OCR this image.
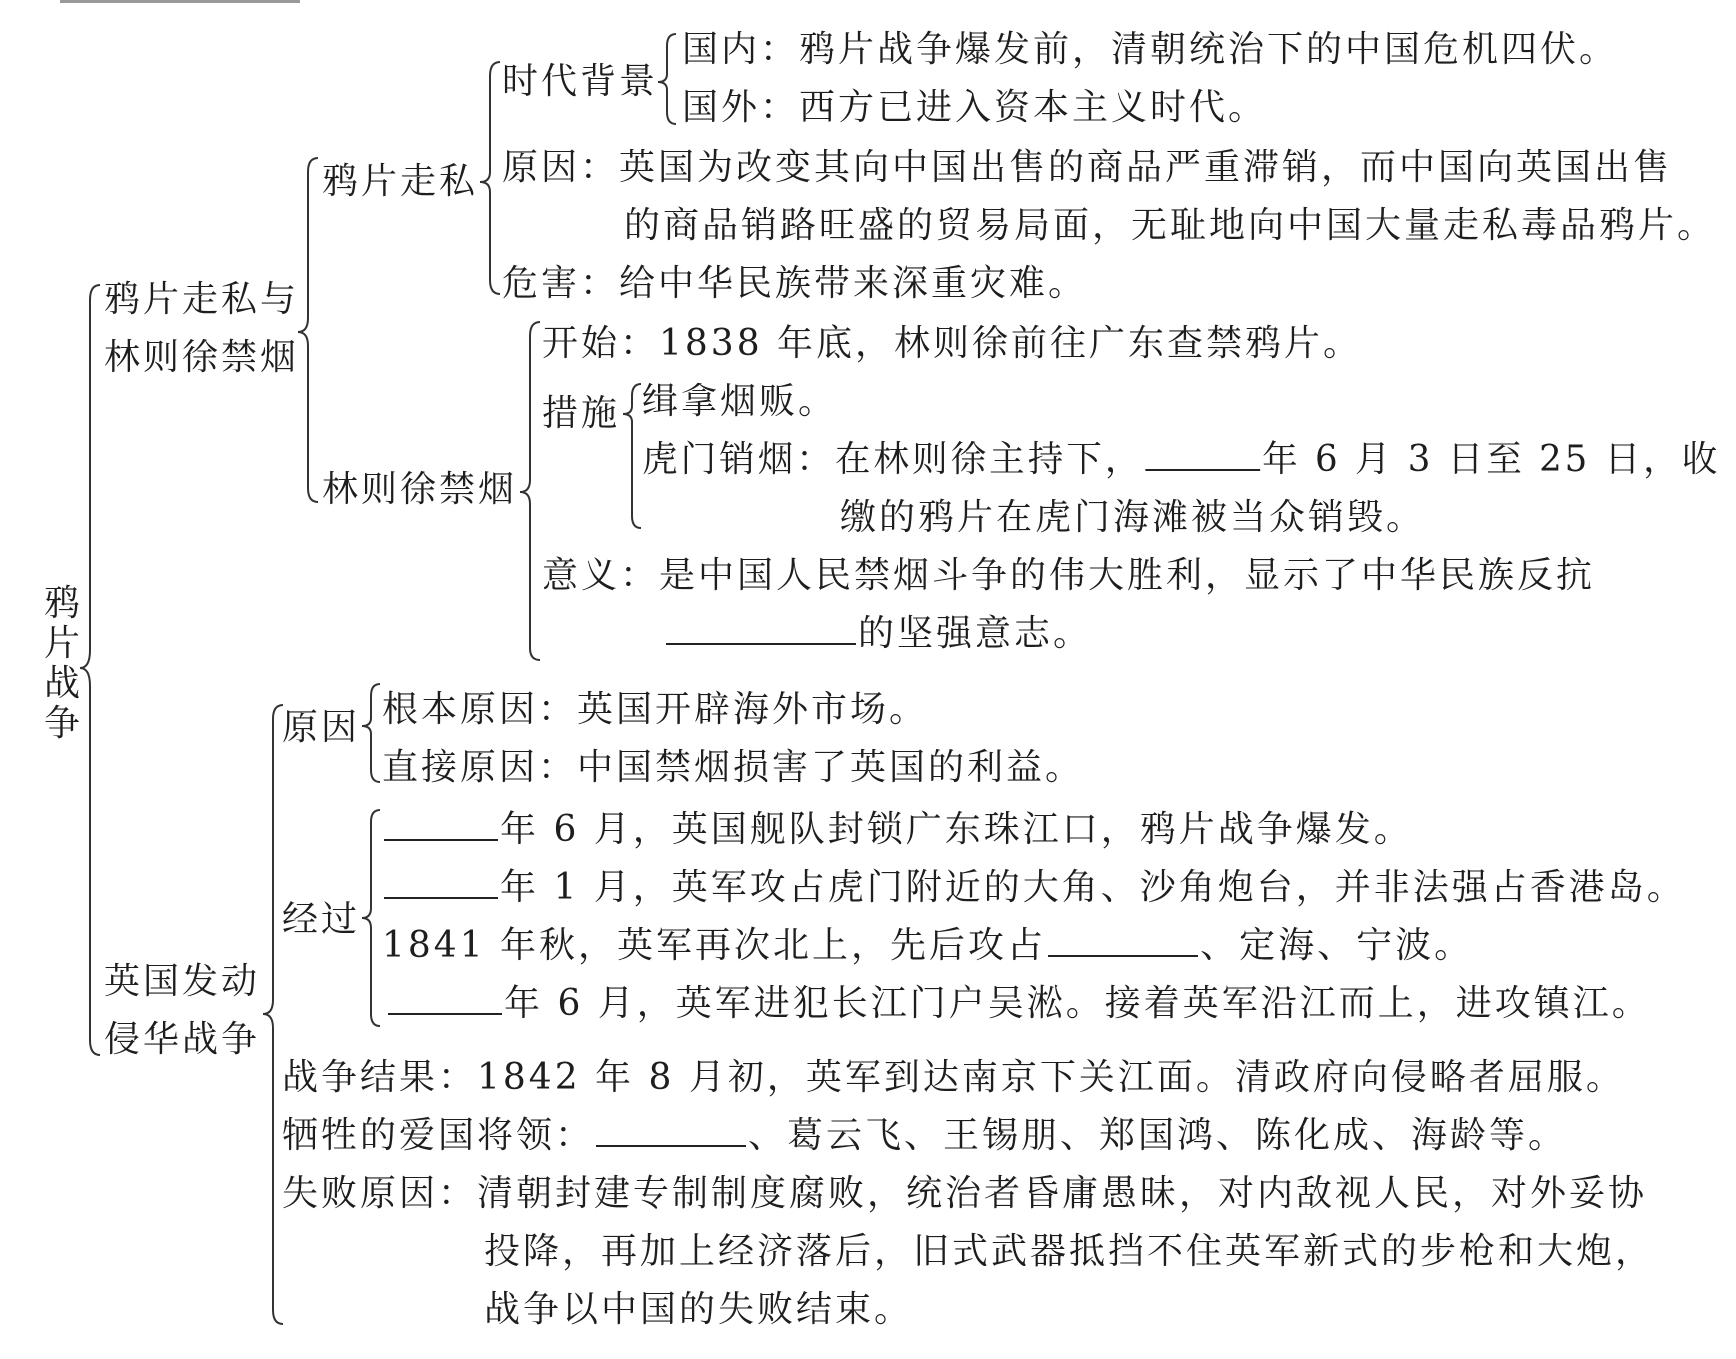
鸦
片
战
争
鸦片走私与
林则徐禁烟
鸦片走私
时代背景
国内：鸦片战争爆发前，清朝统治下的中国危机四伏。
国外：西方已进入资本主义时代。
原因：英国为改变其向中国出售的商品严重滞销，而中国向英国出售
的商品销路旺盛的贸易局面，无耻地向中国大量走私毒品鸦片。
危害：给中华民族带来深重灾难。
林则徐禁烟
开始：1838 年底，林则徐前往广东查禁鸦片。
措施 缉拿烟贩。
虎门销烟：在林则徐主持下，	年 6 月 3 日至 25 日，收
缴的鸦片在虎门海滩被当众销毁。
意义：是中国人民禁烟斗争的伟大胜利，显示了中华民族反抗
的坚强意志。
英国发动
侵华战争
原因 根本原因：英国开辟海外市场。
直接原因：中国禁烟损害了英国的利益。
经过
年 6 月，英国舰队封锁广东珠江口，鸦片战争爆发。
年 1 月，英军攻占虎门附近的大角、沙角炮台，并非法强占香港岛。
1841 年秋，英军再次北上，先后攻占	、定海、宁波。
年 6 月，英军进犯长江门户吴淞。接着英军沿江而上，进攻镇江。
战争结果：1842 年 8 月初，英军到达南京下关江面。清政府向侵略者屈服。
牺牲的爱国将领：	、葛云飞、王锡朋、郑国鸿、陈化成、海龄等。
失败原因：清朝封建专制制度腐败，统治者昏庸愚昧，对内敌视人民，对外妥协
投降，再加上经济落后，旧式武器抵挡不住英军新式的步枪和大炮，
战争以中国的失败结束。
